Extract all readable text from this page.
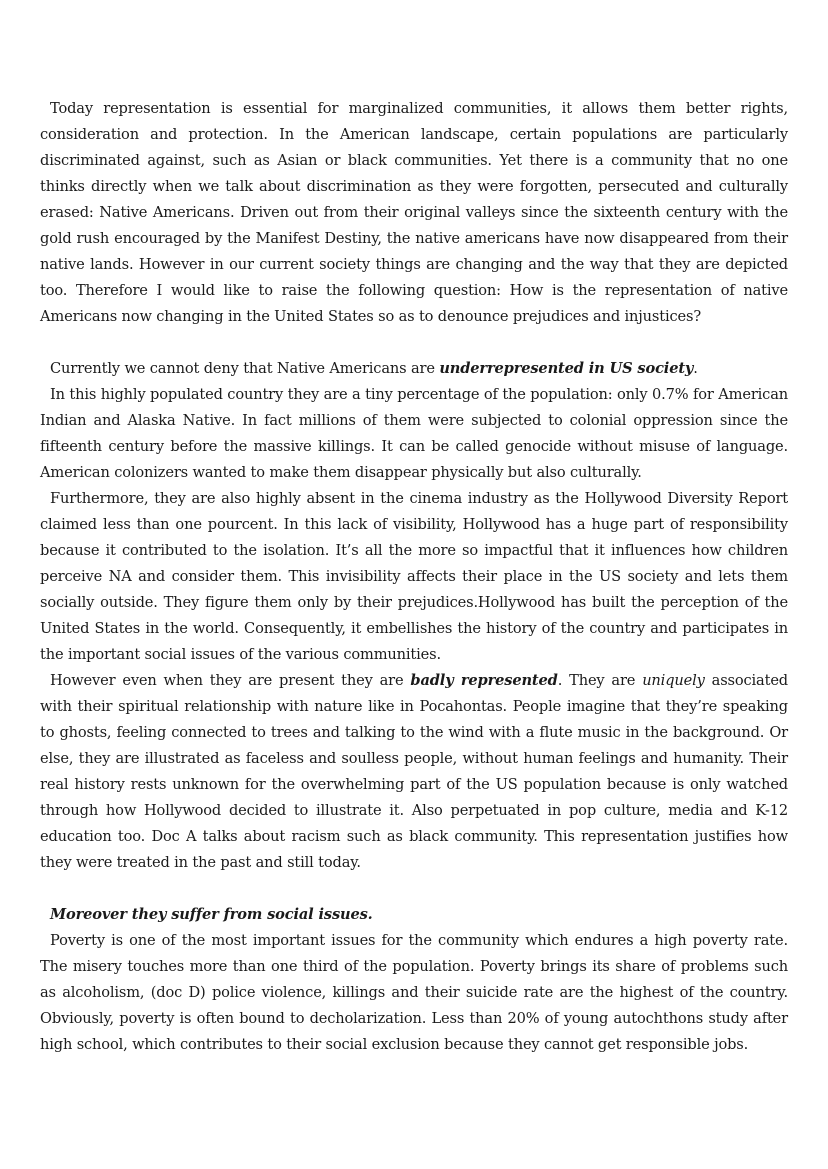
Today representation is essential for marginalized communities, it allows them better rights, consideration and protection. In the American landscape, certain populations are particularly discriminated against, such as Asian or black communities. Yet there is a community that no one thinks directly when we talk about discrimination as they were forgotten, persecuted and culturally erased: Native Americans. Driven out from their original valleys since the sixteenth century with the gold rush encouraged by the Manifest Destiny, the native americans have now disappeared from their native lands. However in our current society things are changing and the way that they are depicted too. Therefore I would like to raise the following question: How is the representation of native Americans now changing in the United States so as to denounce prejudices and injustices?

Currently we cannot deny that Native Americans are underrepresented in US society.

In this highly populated country they are a tiny percentage of the population: only 0.7% for American Indian and Alaska Native. In fact millions of them were subjected to colonial oppression since the fifteenth century before the massive killings. It can be called genocide without misuse of language. American colonizers wanted to make them disappear physically but also culturally.

Furthermore, they are also highly absent in the cinema industry as the Hollywood Diversity Report claimed less than one pourcent. In this lack of visibility, Hollywood has a huge part of responsibility because it contributed to the isolation. It’s all the more so impactful that it influences how children perceive NA and consider them. This invisibility affects their place in the US society and lets them socially outside. They figure them only by their prejudices.Hollywood has built the perception of the United States in the world. Consequently, it embellishes the history of the country and participates in the important social issues of the various communities.

However even when they are present they are badly represented. They are uniquely associated with their spiritual relationship with nature like in Pocahontas. People imagine that they’re speaking to ghosts, feeling connected to trees and talking to the wind with a flute music in the background. Or else, they are illustrated as faceless and soulless people, without human feelings and humanity. Their real history rests unknown for the overwhelming part of the US population because is only watched through how Hollywood decided to illustrate it. Also perpetuated in pop culture, media and K-12 education too. Doc A talks about racism such as black community. This representation justifies how they were treated in the past and still today.

Moreover they suffer from social issues.

Poverty is one of the most important issues for the community which endures a high poverty rate. The misery touches more than one third of the population. Poverty brings its share of problems such as alcoholism, (doc D) police violence, killings and their suicide rate are the highest of the country. Obviously, poverty is often bound to decholarization. Less than 20% of young autochthons study after high school, which contributes to their social exclusion because they cannot get responsible jobs.
